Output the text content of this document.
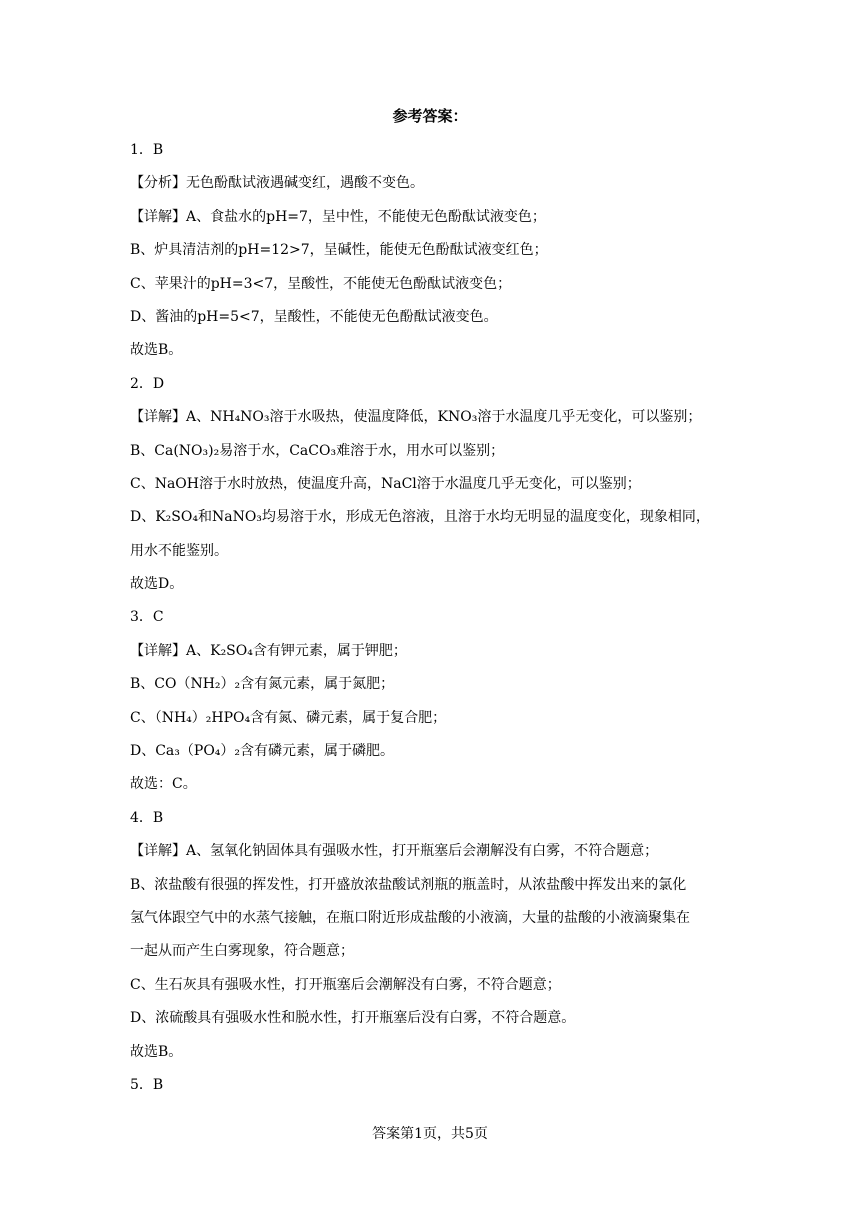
参考答案：
1．B
【分析】无色酚酞试液遇碱变红，遇酸不变色。
【详解】A、食盐水的pH=7，呈中性，不能使无色酚酞试液变色；
B、炉具清洁剂的pH=12>7，呈碱性，能使无色酚酞试液变红色；
C、苹果汁的pH=3<7，呈酸性，不能使无色酚酞试液变色；
D、酱油的pH=5<7，呈酸性，不能使无色酚酞试液变色。
故选B。
2．D
【详解】A、NH₄NO₃溶于水吸热，使温度降低，KNO₃溶于水温度几乎无变化，可以鉴别；
B、Ca(NO₃)₂易溶于水，CaCO₃难溶于水，用水可以鉴别；
C、NaOH溶于水时放热，使温度升高，NaCl溶于水温度几乎无变化，可以鉴别；
D、K₂SO₄和NaNO₃均易溶于水，形成无色溶液，且溶于水均无明显的温度变化，现象相同，
用水不能鉴别。
故选D。
3．C
【详解】A、K₂SO₄含有钾元素，属于钾肥；
B、CO（NH₂）₂含有氮元素，属于氮肥；
C、（NH₄）₂HPO₄含有氮、磷元素，属于复合肥；
D、Ca₃（PO₄）₂含有磷元素，属于磷肥。
故选：C。
4．B
【详解】A、氢氧化钠固体具有强吸水性，打开瓶塞后会潮解没有白雾，不符合题意；
B、浓盐酸有很强的挥发性，打开盛放浓盐酸试剂瓶的瓶盖时，从浓盐酸中挥发出来的氯化
氢气体跟空气中的水蒸气接触，在瓶口附近形成盐酸的小液滴，大量的盐酸的小液滴聚集在
一起从而产生白雾现象，符合题意；
C、生石灰具有强吸水性，打开瓶塞后会潮解没有白雾，不符合题意；
D、浓硫酸具有强吸水性和脱水性，打开瓶塞后没有白雾，不符合题意。
故选B。
5．B
答案第1页，共5页
